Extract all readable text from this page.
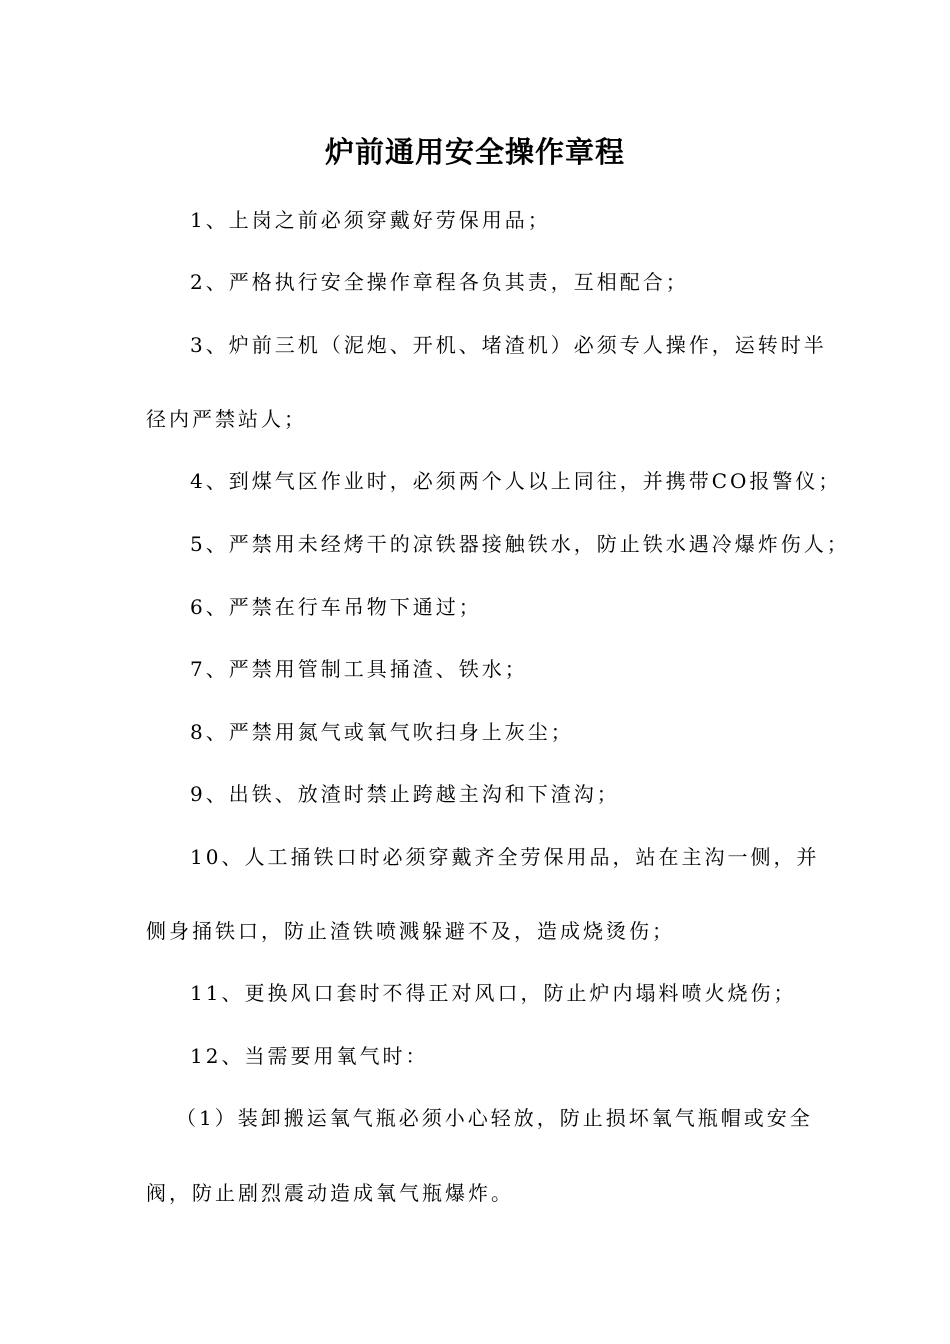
炉前通用安全操作章程

1、上岗之前必须穿戴好劳保用品；

2、严格执行安全操作章程各负其责，互相配合；

3、炉前三机（泥炮、开机、堵渣机）必须专人操作，运转时半

径内严禁站人；

4、到煤气区作业时，必须两个人以上同往，并携带CO报警仪；

5、严禁用未经烤干的凉铁器接触铁水，防止铁水遇冷爆炸伤人；

6、严禁在行车吊物下通过；

7、严禁用管制工具捅渣、铁水；

8、严禁用氮气或氧气吹扫身上灰尘；

9、出铁、放渣时禁止跨越主沟和下渣沟；

10、人工捅铁口时必须穿戴齐全劳保用品，站在主沟一侧，并

侧身捅铁口，防止渣铁喷溅躲避不及，造成烧烫伤；

11、更换风口套时不得正对风口，防止炉内塌料喷火烧伤；

12、当需要用氧气时：

（1）装卸搬运氧气瓶必须小心轻放，防止损坏氧气瓶帽或安全

阀，防止剧烈震动造成氧气瓶爆炸。
